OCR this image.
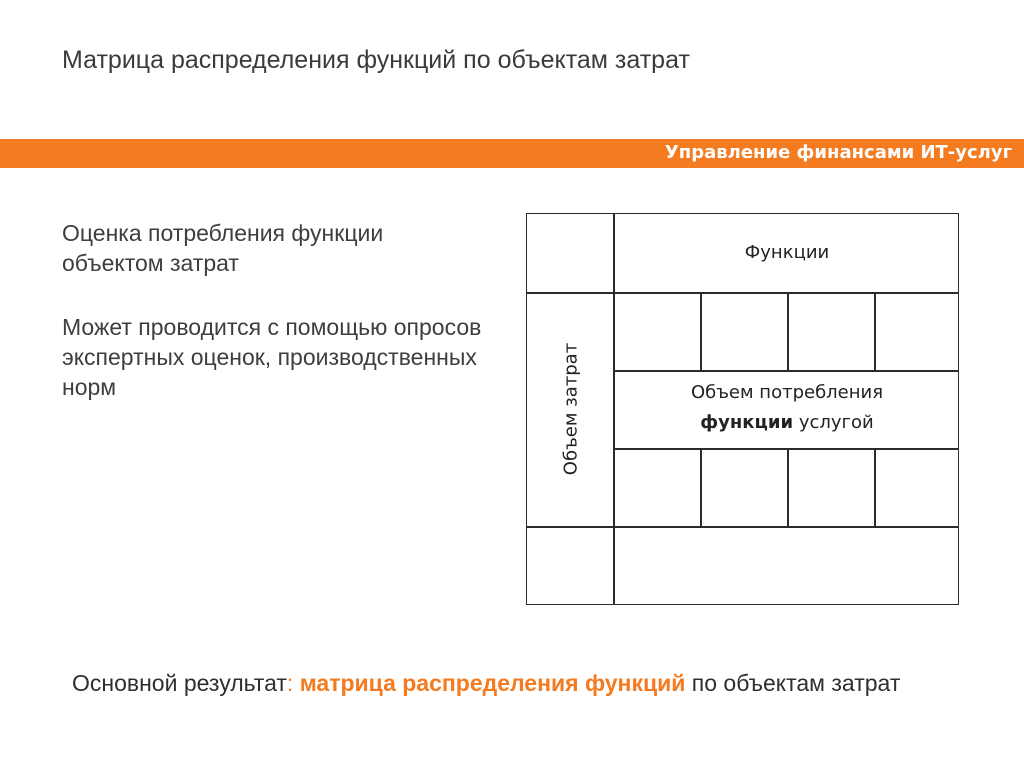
Матрица распределения функций по объектам затрат
Управление финансами ИТ-услуг

Оценка потребления функции объектом затрат

Может проводится с помощью опросов экспертных оценок, производственных норм

Функции
Объем потребления
функции услугой
Объем затрат
Основной результат: матрица распределения функций по объектам затрат
